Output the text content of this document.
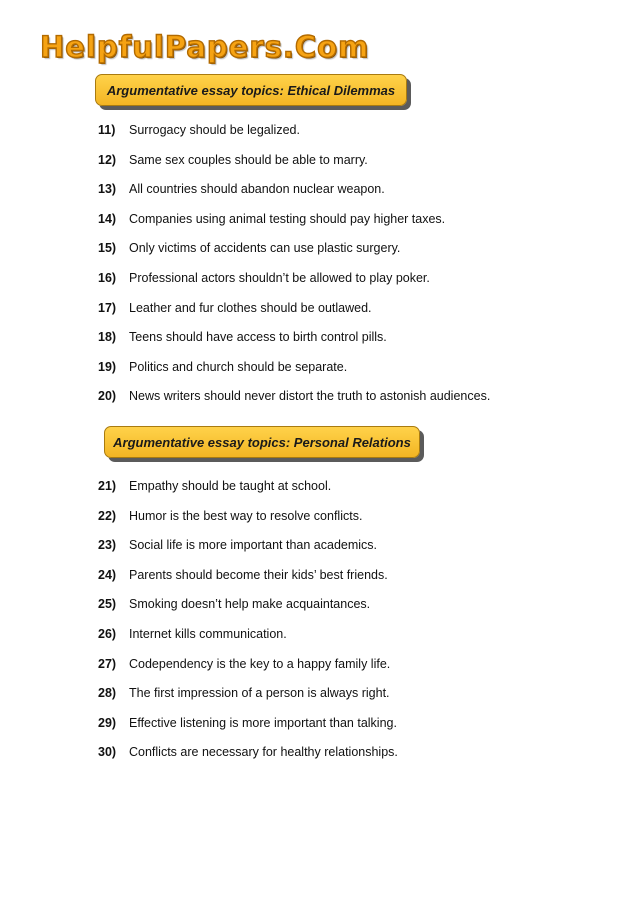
HelpfulPapers.Com
Argumentative essay topics: Ethical Dilemmas
11)	Surrogacy should be legalized.
12)	Same sex couples should be able to marry.
13)	All countries should abandon nuclear weapon.
14)	Companies using animal testing should pay higher taxes.
15)	Only victims of accidents can use plastic surgery.
16)	Professional actors shouldn’t be allowed to play poker.
17)	Leather and fur clothes should be outlawed.
18)	Teens should have access to birth control pills.
19)	Politics and church should be separate.
20)	News writers should never distort the truth to astonish audiences.
Argumentative essay topics: Personal Relations
21)	Empathy should be taught at school.
22)	Humor is the best way to resolve conflicts.
23)	Social life is more important than academics.
24)	Parents should become their kids’ best friends.
25)	Smoking doesn’t help make acquaintances.
26)	Internet kills communication.
27)	Codependency is the key to a happy family life.
28)	The first impression of a person is always right.
29)	Effective listening is more important than talking.
30)	Conflicts are necessary for healthy relationships.
